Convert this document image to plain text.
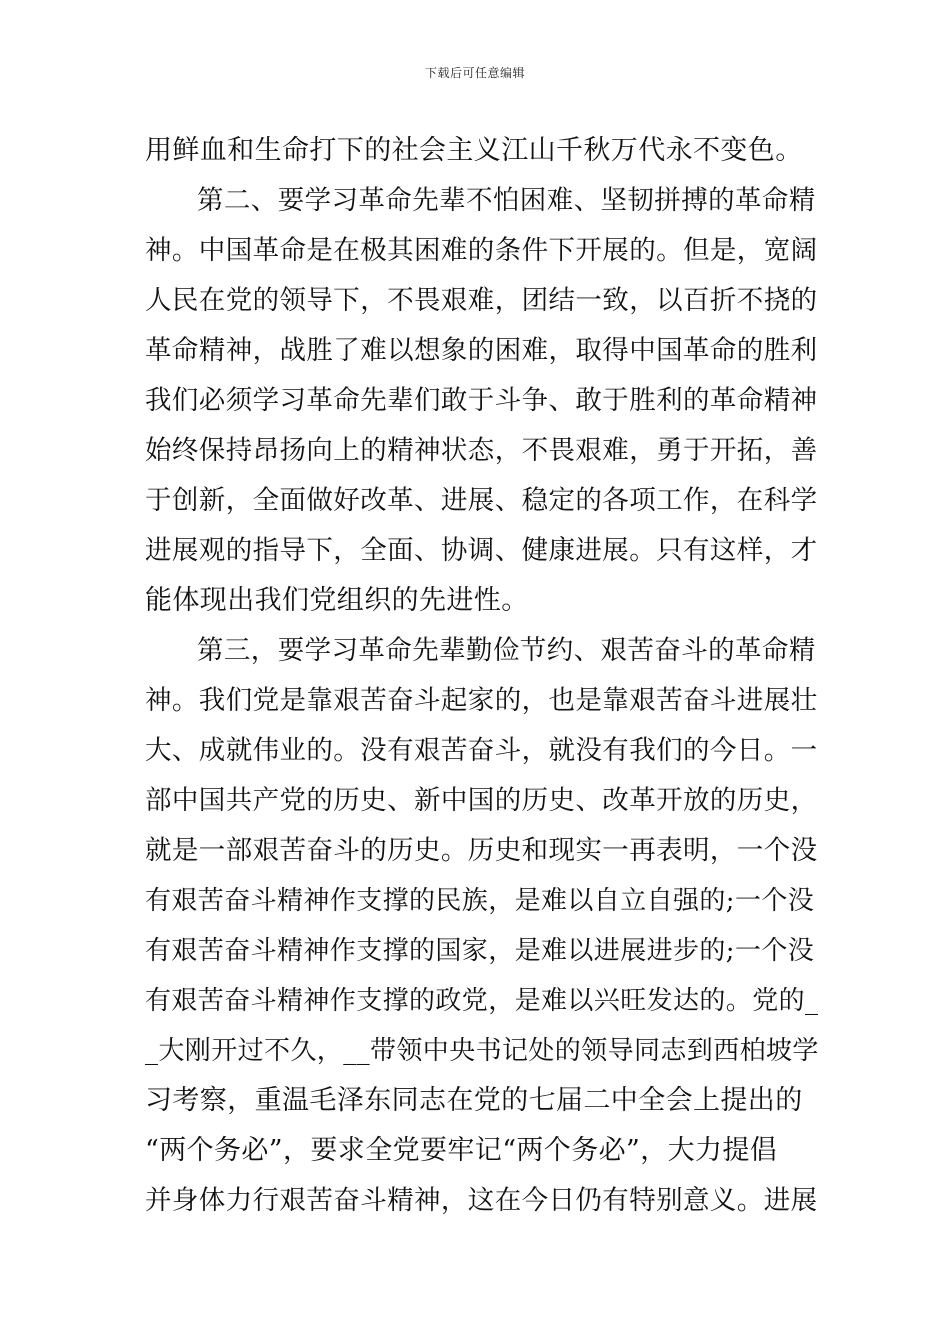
下载后可任意编辑
用鲜血和生命打下的社会主义江山千秋万代永不变色。
第二、要学习革命先辈不怕困难、坚韧拼搏的革命精
神。中国革命是在极其困难的条件下开展的。但是，宽阔
人民在党的领导下，不畏艰难，团结一致，以百折不挠的
革命精神，战胜了难以想象的困难，取得中国革命的胜利
我们必须学习革命先辈们敢于斗争、敢于胜利的革命精神
始终保持昂扬向上的精神状态，不畏艰难，勇于开拓，善
于创新，全面做好改革、进展、稳定的各项工作，在科学
进展观的指导下，全面、协调、健康进展。只有这样，才
能体现出我们党组织的先进性。
第三，要学习革命先辈勤俭节约、艰苦奋斗的革命精
神。我们党是靠艰苦奋斗起家的，也是靠艰苦奋斗进展壮
大、成就伟业的。没有艰苦奋斗，就没有我们的今日。一
部中国共产党的历史、新中国的历史、改革开放的历史，
就是一部艰苦奋斗的历史。历史和现实一再表明，一个没
有艰苦奋斗精神作支撑的民族，是难以自立自强的;一个没
有艰苦奋斗精神作支撑的国家，是难以进展进步的;一个没
有艰苦奋斗精神作支撑的政党，是难以兴旺发达的。党的_
_大刚开过不久，__带领中央书记处的领导同志到西柏坡学
习考察，重温毛泽东同志在党的七届二中全会上提出的
“两个务必”，要求全党要牢记“两个务必”，大力提倡
并身体力行艰苦奋斗精神，这在今日仍有特别意义。进展
